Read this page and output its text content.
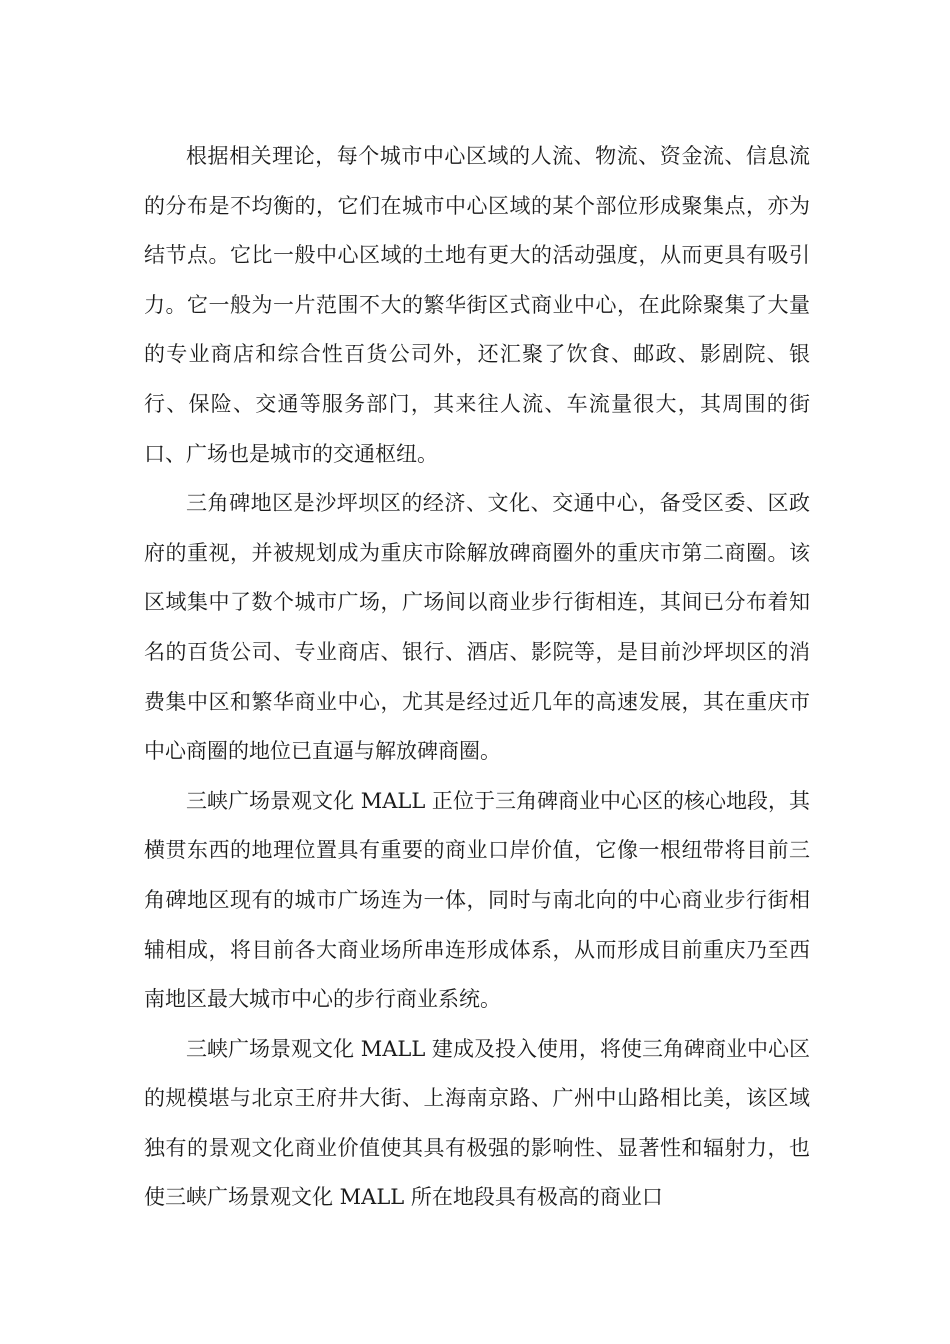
根据相关理论，每个城市中心区域的人流、物流、资金流、信息流的分布是不均衡的，它们在城市中心区域的某个部位形成聚集点，亦为结节点。它比一般中心区域的土地有更大的活动强度，从而更具有吸引力。它一般为一片范围不大的繁华街区式商业中心，在此除聚集了大量的专业商店和综合性百货公司外，还汇聚了饮食、邮政、影剧院、银行、保险、交通等服务部门，其来往人流、车流量很大，其周围的街口、广场也是城市的交通枢纽。

三角碑地区是沙坪坝区的经济、文化、交通中心，备受区委、区政府的重视，并被规划成为重庆市除解放碑商圈外的重庆市第二商圈。该区域集中了数个城市广场，广场间以商业步行街相连，其间已分布着知名的百货公司、专业商店、银行、酒店、影院等，是目前沙坪坝区的消费集中区和繁华商业中心，尤其是经过近几年的高速发展，其在重庆市中心商圈的地位已直逼与解放碑商圈。

三峡广场景观文化 MALL 正位于三角碑商业中心区的核心地段，其横贯东西的地理位置具有重要的商业口岸价值，它像一根纽带将目前三角碑地区现有的城市广场连为一体，同时与南北向的中心商业步行街相辅相成，将目前各大商业场所串连形成体系，从而形成目前重庆乃至西南地区最大城市中心的步行商业系统。

三峡广场景观文化 MALL 建成及投入使用，将使三角碑商业中心区的规模堪与北京王府井大街、上海南京路、广州中山路相比美，该区域独有的景观文化商业价值使其具有极强的影响性、显著性和辐射力，也使三峡广场景观文化 MALL 所在地段具有极高的商业口
